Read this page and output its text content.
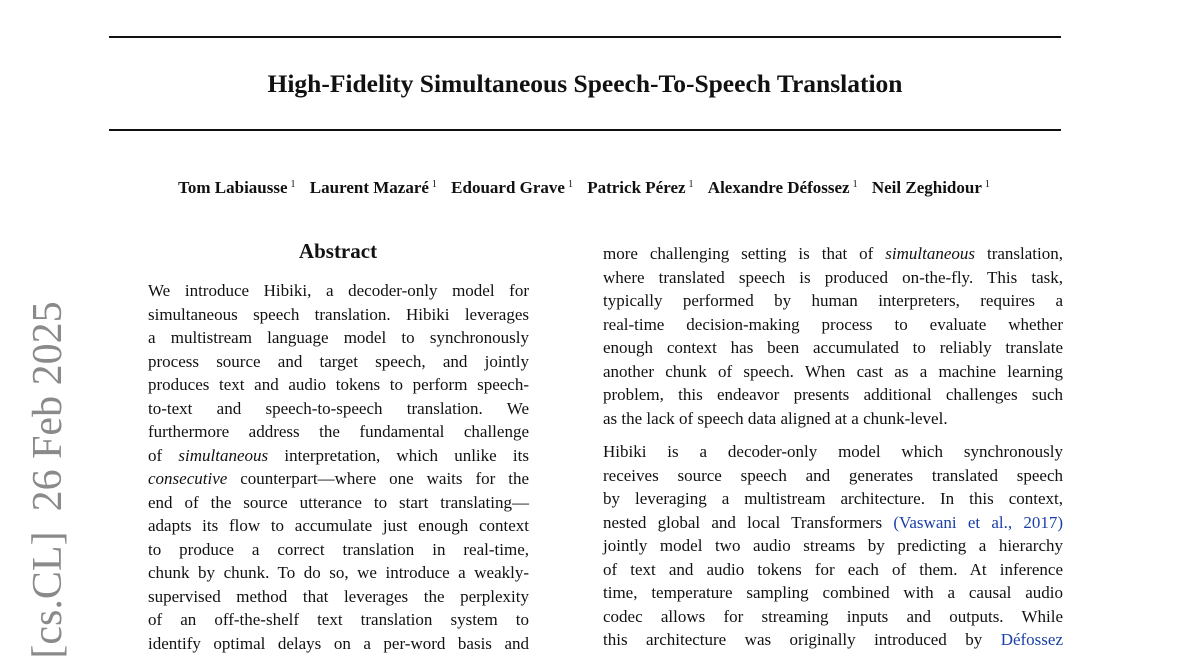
High-Fidelity Simultaneous Speech-To-Speech Translation
Tom Labiausse $^1$ Laurent Mazaré $^1$ Edouard Grave $^1$ Patrick Pérez $^1$ Alexandre Défossez $^1$ Neil Zeghidour $^1$
[cs.CL]26 Feb 2025
Abstract
We introduce Hibiki, a decoder-only model for
simultaneous speech translation. Hibiki leverages
a multistream language model to synchronously
process source and target speech, and jointly
produces text and audio tokens to perform speech-
to-text and speech-to-speech translation. We
furthermore address the fundamental challenge
of simultaneous interpretation, which unlike its
consecutive counterpart—where one waits for the
end of the source utterance to start translating—
adapts its flow to accumulate just enough context
to produce a correct translation in real-time,
chunk by chunk. To do so, we introduce a weakly-
supervised method that leverages the perplexity
of an off-the-shelf text translation system to
identify optimal delays on a per-word basis and
more challenging setting is that of simultaneous translation,
where translated speech is produced on-the-fly. This task,
typically performed by human interpreters, requires a
real-time decision-making process to evaluate whether
enough context has been accumulated to reliably translate
another chunk of speech. When cast as a machine learning
problem, this endeavor presents additional challenges such
as the lack of speech data aligned at a chunk-level.
Hibiki is a decoder-only model which synchronously
receives source speech and generates translated speech
by leveraging a multistream architecture. In this context,
nested global and local Transformers (Vaswani et al., 2017)
jointly model two audio streams by predicting a hierarchy
of text and audio tokens for each of them. At inference
time, temperature sampling combined with a causal audio
codec allows for streaming inputs and outputs. While
this architecture was originally introduced by Défossez
